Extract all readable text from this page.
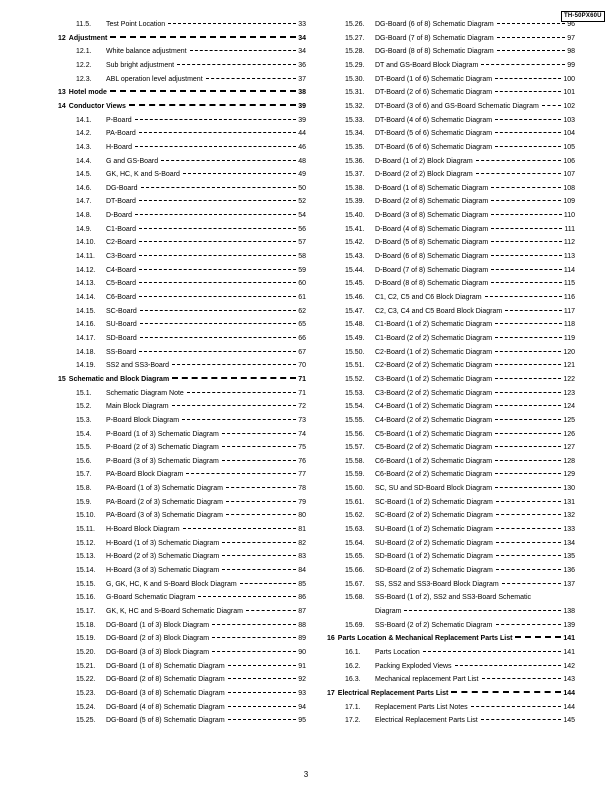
TH-50PX60U
11.5.	Test Point Location	33
12 Adjustment	34
12.1.	White balance adjustment	34
12.2.	Sub bright adjustment	36
12.3.	ABL operation level adjustment	37
13 Hotel mode	38
14 Conductor Views	39
14.1.	P-Board	39
14.2.	PA-Board	44
14.3.	H-Board	46
14.4.	G and GS-Board	48
14.5.	GK, HC, K and S-Board	49
14.6.	DG-Board	50
14.7.	DT-Board	52
14.8.	D-Board	54
14.9.	C1-Board	56
14.10.	C2-Board	57
14.11.	C3-Board	58
14.12.	C4-Board	59
14.13.	C5-Board	60
14.14.	C6-Board	61
14.15.	SC-Board	62
14.16.	SU-Board	65
14.17.	SD-Board	66
14.18.	SS-Board	67
14.19.	SS2 and SS3-Board	70
15 Schematic and Block Diagram	71
15.1.	Schematic Diagram Note	71
15.2.	Main Block Diagram	72
15.3.	P-Board Block Diagram	73
15.4.	P-Board (1 of 3) Schematic Diagram	74
15.5.	P-Board (2 of 3) Schematic Diagram	75
15.6.	P-Board (3 of 3) Schematic Diagram	76
15.7.	PA-Board Block Diagram	77
15.8.	PA-Board (1 of 3) Schematic Diagram	78
15.9.	PA-Board (2 of 3) Schematic Diagram	79
15.10.	PA-Board (3 of 3) Schematic Diagram	80
15.11.	H-Board Block Diagram	81
15.12.	H-Board (1 of 3) Schematic Diagram	82
15.13.	H-Board (2 of 3) Schematic Diagram	83
15.14.	H-Board (3 of 3) Schematic Diagram	84
15.15.	G, GK, HC, K and S-Board Block Diagram	85
15.16.	G-Board Schematic Diagram	86
15.17.	GK, K, HC and S-Board Schematic Diagram	87
15.18.	DG-Board (1 of 3) Block Diagram	88
15.19.	DG-Board (2 of 3) Block Diagram	89
15.20.	DG-Board (3 of 3) Block Diagram	90
15.21.	DG-Board (1 of 8) Schematic Diagram	91
15.22.	DG-Board (2 of 8) Schematic Diagram	92
15.23.	DG-Board (3 of 8) Schematic Diagram	93
15.24.	DG-Board (4 of 8) Schematic Diagram	94
15.25.	DG-Board (5 of 8) Schematic Diagram	95
15.26.	DG-Board (6 of 8) Schematic Diagram	96
15.27.	DG-Board (7 of 8) Schematic Diagram	97
15.28.	DG-Board (8 of 8) Schematic Diagram	98
15.29.	DT and GS-Board Block Diagram	99
15.30.	DT-Board (1 of 6) Schematic Diagram	100
15.31.	DT-Board (2 of 6) Schematic Diagram	101
15.32.	DT-Board (3 of 6) and GS-Board Schematic Diagram	102
15.33.	DT-Board (4 of 6) Schematic Diagram	103
15.34.	DT-Board (5 of 6) Schematic Diagram	104
15.35.	DT-Board (6 of 6) Schematic Diagram	105
15.36.	D-Board (1 of 2) Block Diagram	106
15.37.	D-Board (2 of 2) Block Diagram	107
15.38.	D-Board (1 of 8) Schematic Diagram	108
15.39.	D-Board (2 of 8) Schematic Diagram	109
15.40.	D-Board (3 of 8) Schematic Diagram	110
15.41.	D-Board (4 of 8) Schematic Diagram	111
15.42.	D-Board (5 of 8) Schematic Diagram	112
15.43.	D-Board (6 of 8) Schematic Diagram	113
15.44.	D-Board (7 of 8) Schematic Diagram	114
15.45.	D-Board (8 of 8) Schematic Diagram	115
15.46.	C1, C2, C5 and C6 Block Diagram	116
15.47.	C2, C3, C4 and C5 Board Block Diagram	117
15.48.	C1-Board (1 of 2) Schematic Diagram	118
15.49.	C1-Board (2 of 2) Schematic Diagram	119
15.50.	C2-Board (1 of 2) Schematic Diagram	120
15.51.	C2-Board (2 of 2) Schematic Diagram	121
15.52.	C3-Board (1 of 2) Schematic Diagram	122
15.53.	C3-Board (2 of 2) Schematic Diagram	123
15.54.	C4-Board (1 of 2) Schematic Diagram	124
15.55.	C4-Board (2 of 2) Schematic Diagram	125
15.56.	C5-Board (1 of 2) Schematic Diagram	126
15.57.	C5-Board (2 of 2) Schematic Diagram	127
15.58.	C6-Board (1 of 2) Schematic Diagram	128
15.59.	C6-Board (2 of 2) Schematic Diagram	129
15.60.	SC, SU and SD-Board Block Diagram	130
15.61.	SC-Board (1 of 2) Schematic Diagram	131
15.62.	SC-Board (2 of 2) Schematic Diagram	132
15.63.	SU-Board (1 of 2) Schematic Diagram	133
15.64.	SU-Board (2 of 2) Schematic Diagram	134
15.65.	SD-Board (1 of 2) Schematic Diagram	135
15.66.	SD-Board (2 of 2) Schematic Diagram	136
15.67.	SS, SS2 and SS3-Board Block Diagram	137
15.68.	SS-Board (1 of 2), SS2 and SS3-Board Schematic
Diagram	138
15.69.	SS-Board (2 of 2) Schematic Diagram	139
16 Parts Location & Mechanical Replacement Parts List	141
16.1.	Parts Location	141
16.2.	Packing Exploded Views	142
16.3.	Mechanical replacement Part List	143
17 Electrical Replacement Parts List	144
17.1.	Replacement Parts List Notes	144
17.2.	Electrical Replacement Parts List	145
3
